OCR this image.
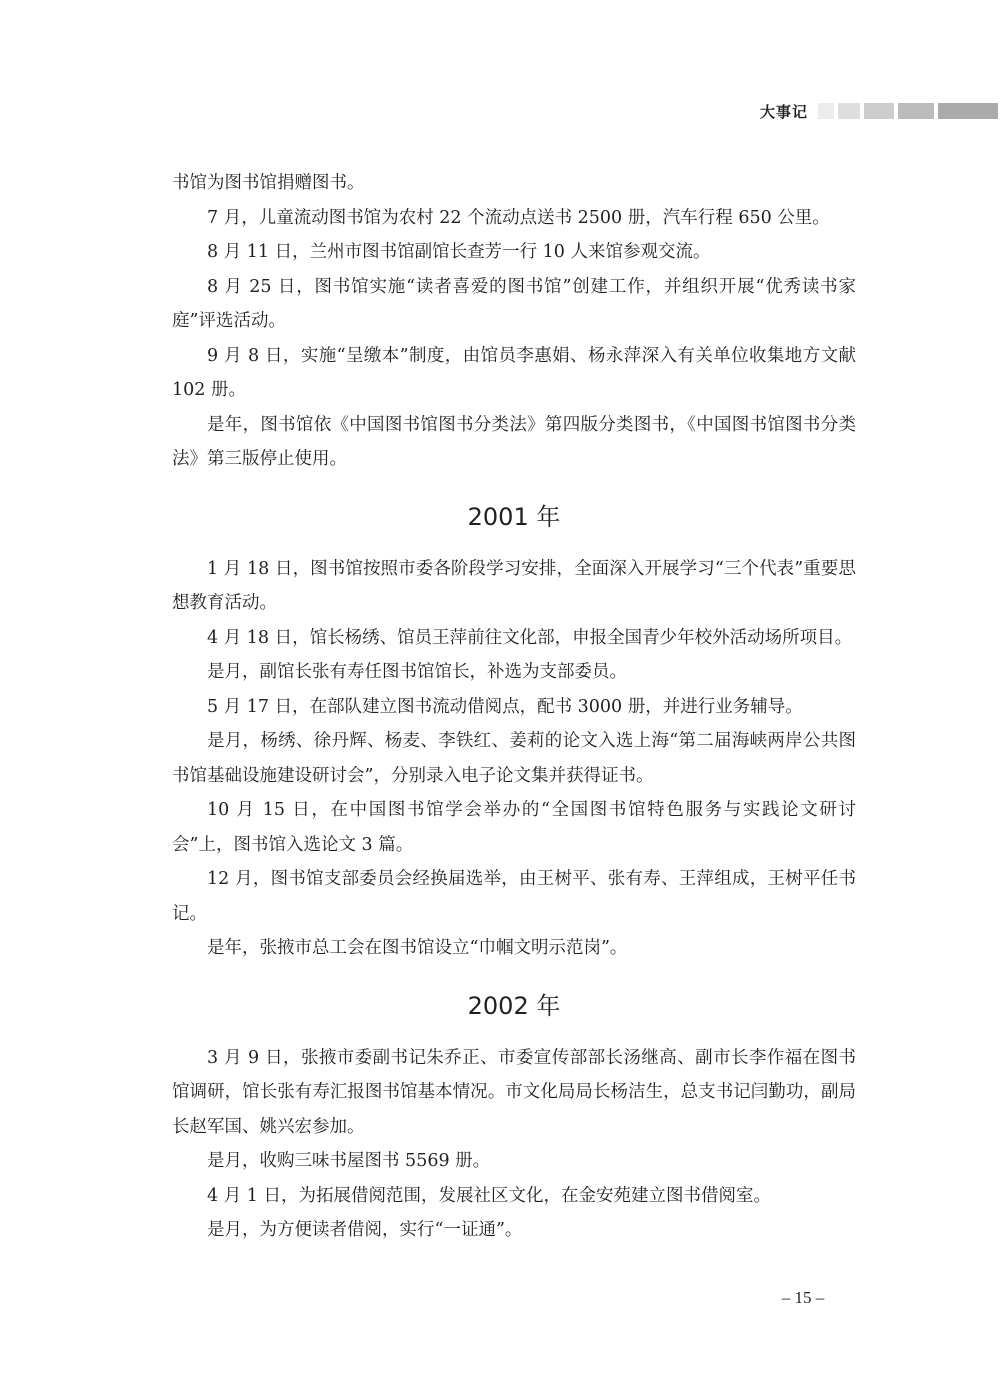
大事记

书馆为图书馆捐赠图书。

7 月，儿童流动图书馆为农村 22 个流动点送书 2500 册，汽车行程 650 公里。

8 月 11 日，兰州市图书馆副馆长查芳一行 10 人来馆参观交流。

8 月 25 日，图书馆实施“读者喜爱的图书馆”创建工作，并组织开展“优秀读书家庭”评选活动。

9 月 8 日，实施“呈缴本”制度，由馆员李惠娟、杨永萍深入有关单位收集地方文献 102 册。

是年，图书馆依《中国图书馆图书分类法》第四版分类图书，《中国图书馆图书分类法》第三版停止使用。

2001 年

1 月 18 日，图书馆按照市委各阶段学习安排，全面深入开展学习“三个代表”重要思想教育活动。

4 月 18 日，馆长杨绣、馆员王萍前往文化部，申报全国青少年校外活动场所项目。

是月，副馆长张有寿任图书馆馆长，补选为支部委员。

5 月 17 日，在部队建立图书流动借阅点，配书 3000 册，并进行业务辅导。

是月，杨绣、徐丹辉、杨麦、李铁红、姜莉的论文入选上海“第二届海峡两岸公共图书馆基础设施建设研讨会”，分别录入电子论文集并获得证书。

10 月 15 日，在中国图书馆学会举办的“全国图书馆特色服务与实践论文研讨会”上，图书馆入选论文 3 篇。

12 月，图书馆支部委员会经换届选举，由王树平、张有寿、王萍组成，王树平任书记。

是年，张掖市总工会在图书馆设立“巾帼文明示范岗”。

2002 年

3 月 9 日，张掖市委副书记朱乔正、市委宣传部部长汤继高、副市长李作福在图书馆调研，馆长张有寿汇报图书馆基本情况。市文化局局长杨洁生，总支书记闫勤功，副局长赵军国、姚兴宏参加。

是月，收购三味书屋图书 5569 册。

4 月 1 日，为拓展借阅范围，发展社区文化，在金安苑建立图书借阅室。

是月，为方便读者借阅，实行“一证通”。

– 15 –
